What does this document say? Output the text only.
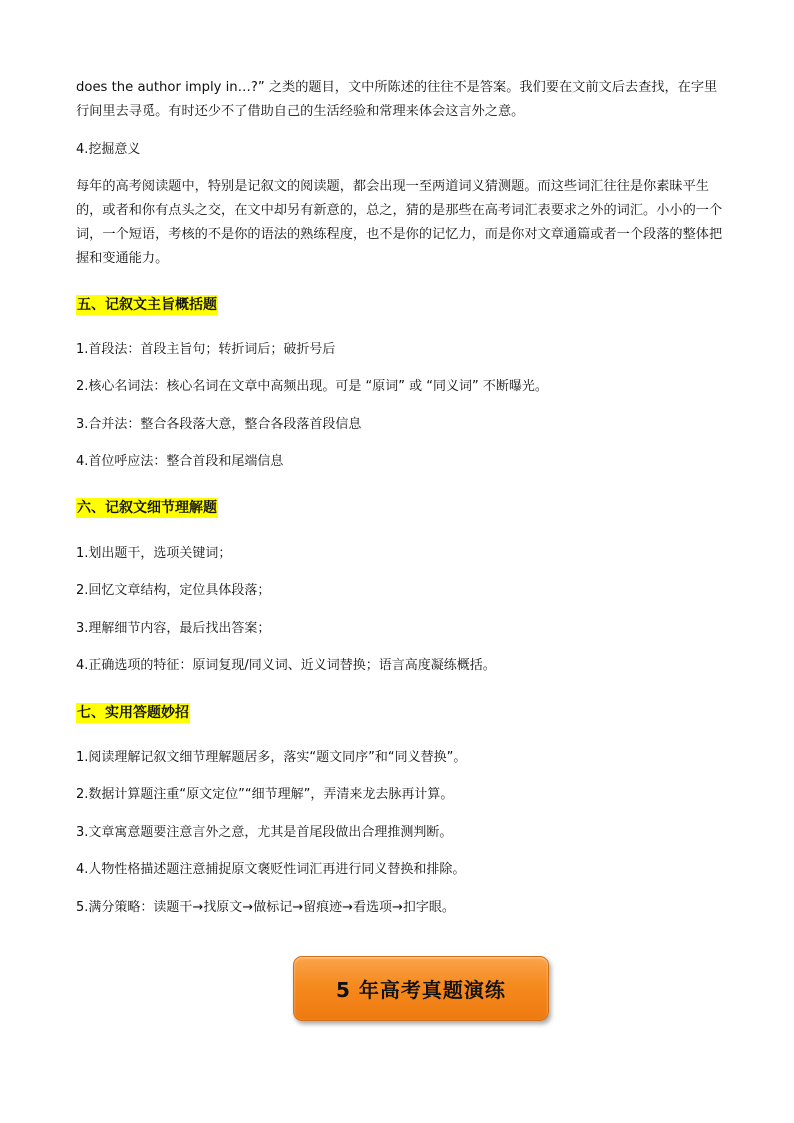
does the author imply in…?” 之类的题目，文中所陈述的往往不是答案。我们要在文前文后去查找，在字里行间里去寻觅。有时还少不了借助自己的生活经验和常理来体会这言外之意。

4.挖掘意义

每年的高考阅读题中，特别是记叙文的阅读题，都会出现一至两道词义猜测题。而这些词汇往往是你素昧平生的，或者和你有点头之交，在文中却另有新意的，总之，猜的是那些在高考词汇表要求之外的词汇。小小的一个词，一个短语，考核的不是你的语法的熟练程度，也不是你的记忆力，而是你对文章通篇或者一个段落的整体把握和变通能力。

五、记叙文主旨概括题

1.首段法：首段主旨句；转折词后；破折号后

2.核心名词法：核心名词在文章中高频出现。可是 “原词” 或 “同义词” 不断曝光。

3.合并法：整合各段落大意，整合各段落首段信息

4.首位呼应法：整合首段和尾端信息

六、记叙文细节理解题

1.划出题干，选项关键词；

2.回忆文章结构，定位具体段落；

3.理解细节内容，最后找出答案；

4.正确选项的特征：原词复现/同义词、近义词替换；语言高度凝练概括。

七、实用答题妙招

1.阅读理解记叙文细节理解题居多，落实“题文同序”和“同义替换”。

2.数据计算题注重“原文定位”“细节理解”，弄清来龙去脉再计算。

3.文章寓意题要注意言外之意，尤其是首尾段做出合理推测判断。

4.人物性格描述题注意捕捉原文褒贬性词汇再进行同义替换和排除。

5.满分策略：读题干→找原文→做标记→留痕迹→看选项→扣字眼。

5 年高考真题演练
